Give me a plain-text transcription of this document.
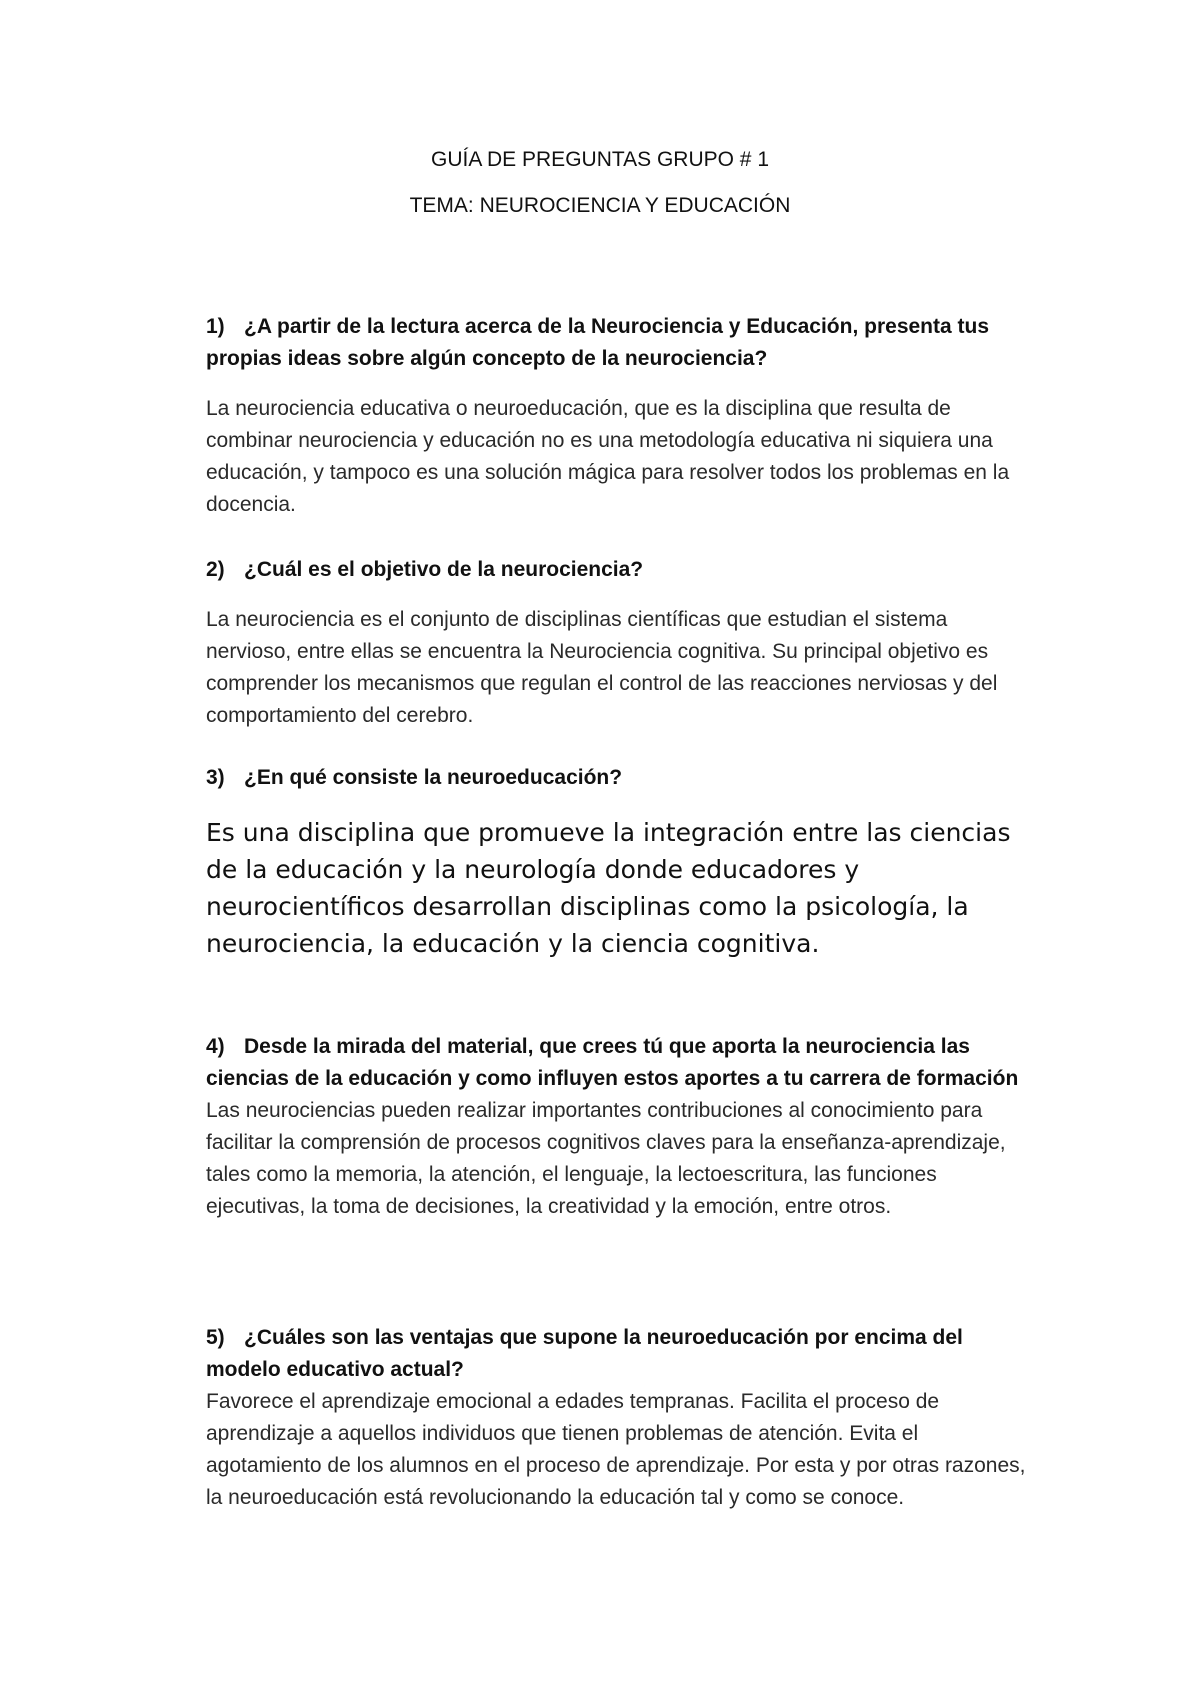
GUÍA DE PREGUNTAS GRUPO # 1
TEMA: NEUROCIENCIA Y EDUCACIÓN

1) ¿A partir de la lectura acerca de la Neurociencia y Educación, presenta tus propias ideas sobre algún concepto de la neurociencia?

La neurociencia educativa o neuroeducación, que es la disciplina que resulta de combinar neurociencia y educación no es una metodología educativa ni siquiera una educación, y tampoco es una solución mágica para resolver todos los problemas en la docencia.

2) ¿Cuál es el objetivo de la neurociencia?

La neurociencia es el conjunto de disciplinas científicas que estudian el sistema nervioso, entre ellas se encuentra la Neurociencia cognitiva. Su principal objetivo es comprender los mecanismos que regulan el control de las reacciones nerviosas y del comportamiento del cerebro.

3) ¿En qué consiste la neuroeducación?

Es una disciplina que promueve la integración entre las ciencias de la educación y la neurología donde educadores y neurocientíficos desarrollan disciplinas como la psicología, la neurociencia, la educación y la ciencia cognitiva.

4) Desde la mirada del material, que crees tú que aporta la neurociencia las ciencias de la educación y como influyen estos aportes a tu carrera de formación

Las neurociencias pueden realizar importantes contribuciones al conocimiento para facilitar la comprensión de procesos cognitivos claves para la enseñanza-aprendizaje, tales como la memoria, la atención, el lenguaje, la lectoescritura, las funciones ejecutivas, la toma de decisiones, la creatividad y la emoción, entre otros.

5) ¿Cuáles son las ventajas que supone la neuroeducación por encima del modelo educativo actual?

Favorece el aprendizaje emocional a edades tempranas. Facilita el proceso de aprendizaje a aquellos individuos que tienen problemas de atención. Evita el agotamiento de los alumnos en el proceso de aprendizaje. Por esta y por otras razones, la neuroeducación está revolucionando la educación tal y como se conoce.
